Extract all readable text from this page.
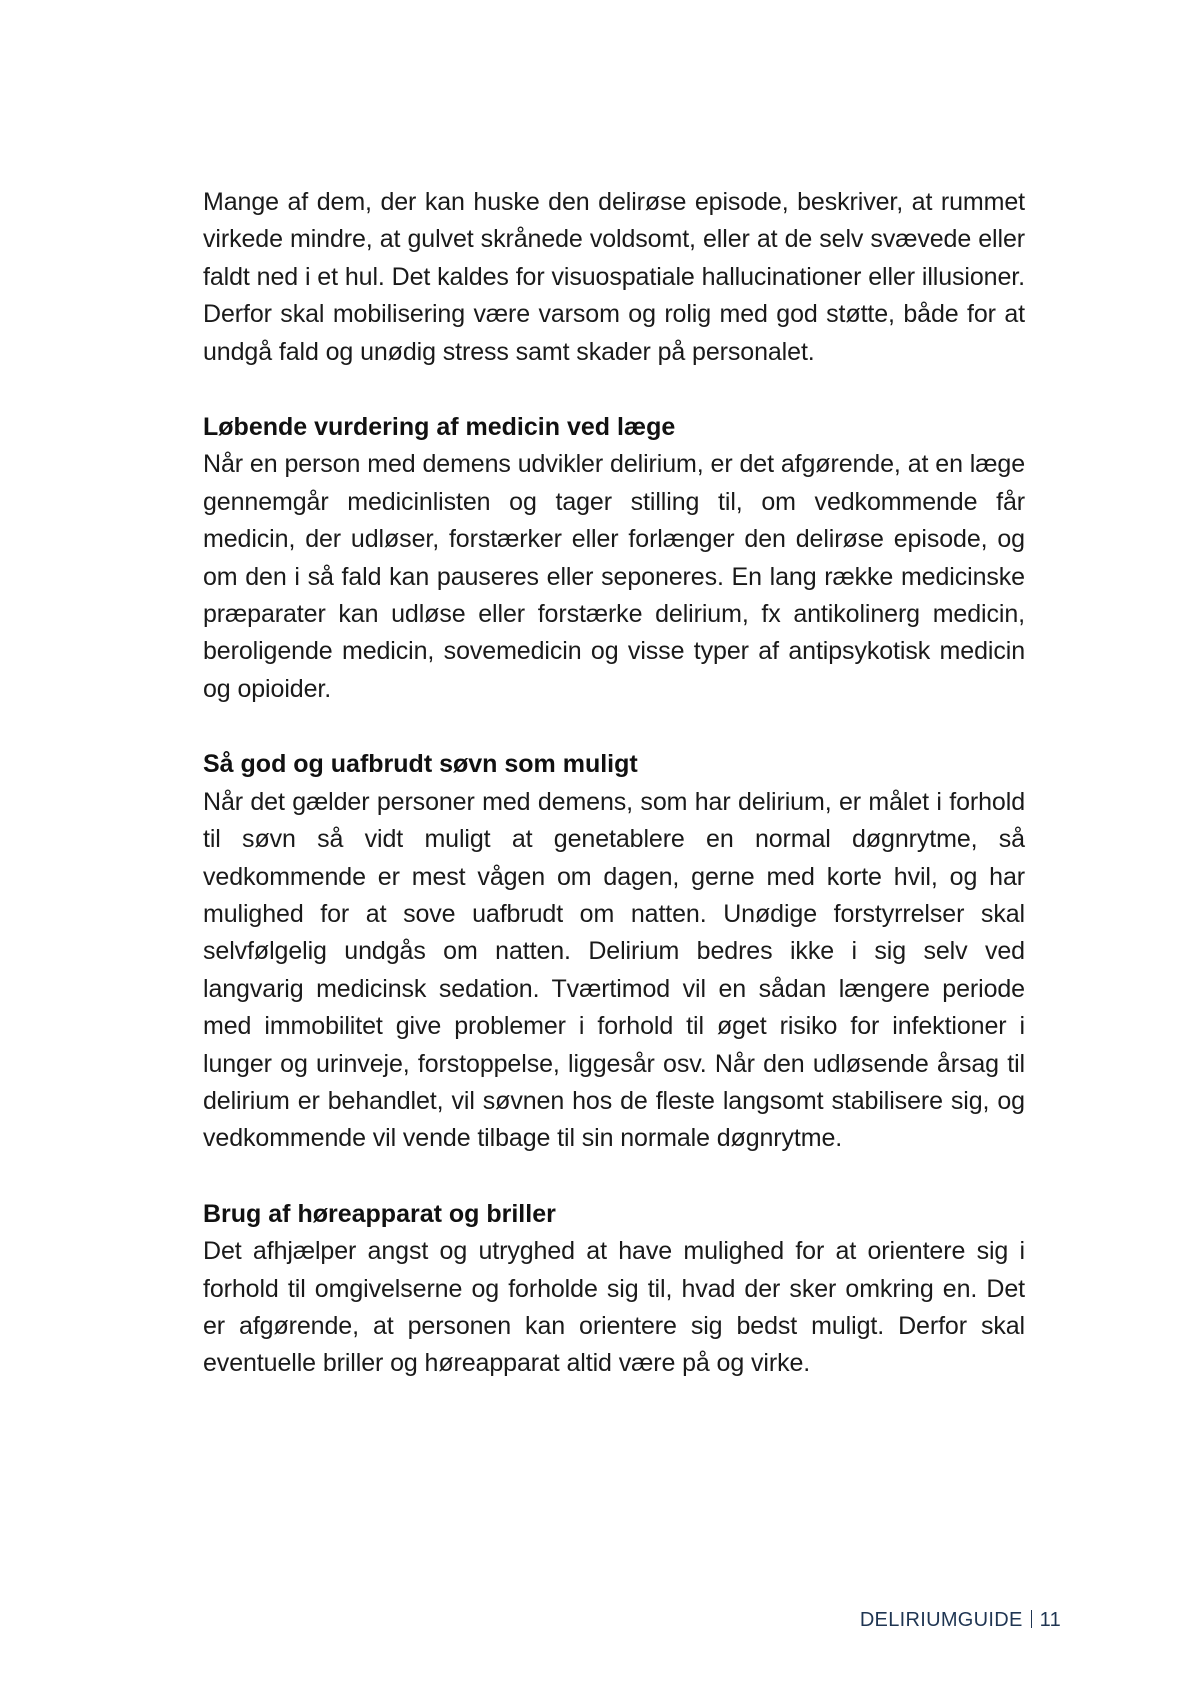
Mange af dem, der kan huske den delirøse episode, beskriver, at rummet virkede mindre, at gulvet skrånede voldsomt, eller at de selv svævede eller faldt ned i et hul. Det kaldes for visuospatiale hallucinationer eller illusioner. Derfor skal mobilisering være varsom og rolig med god støtte, både for at undgå fald og unødig stress samt skader på personalet.

Løbende vurdering af medicin ved læge

Når en person med demens udvikler delirium, er det afgørende, at en læge gennemgår medicinlisten og tager stilling til, om vedkommende får medicin, der udløser, forstærker eller forlænger den delirøse episode, og om den i så fald kan pauseres eller seponeres. En lang række medicinske præparater kan udløse eller forstærke delirium, fx antikolinerg medicin, beroligende medicin, sovemedicin og visse typer af antipsykotisk medicin og opioider.

Så god og uafbrudt søvn som muligt

Når det gælder personer med demens, som har delirium, er målet i forhold til søvn så vidt muligt at genetablere en normal døgnrytme, så vedkommende er mest vågen om dagen, gerne med korte hvil, og har mulighed for at sove uafbrudt om natten. Unødige forstyrrelser skal selvfølgelig undgås om natten. Delirium bedres ikke i sig selv ved langvarig medicinsk sedation. Tværtimod vil en sådan længere periode med immobilitet give problemer i forhold til øget risiko for infektioner i lunger og urinveje, forstoppelse, liggesår osv. Når den udløsende årsag til delirium er behandlet, vil søvnen hos de fleste langsomt stabilisere sig, og vedkommende vil vende tilbage til sin normale døgnrytme.

Brug af høreapparat og briller

Det afhjælper angst og utryghed at have mulighed for at orientere sig i forhold til omgivelserne og forholde sig til, hvad der sker omkring en. Det er afgørende, at personen kan orientere sig bedst muligt. Derfor skal eventuelle briller og høreapparat altid være på og virke.

DELIRIUMGUIDE 11
